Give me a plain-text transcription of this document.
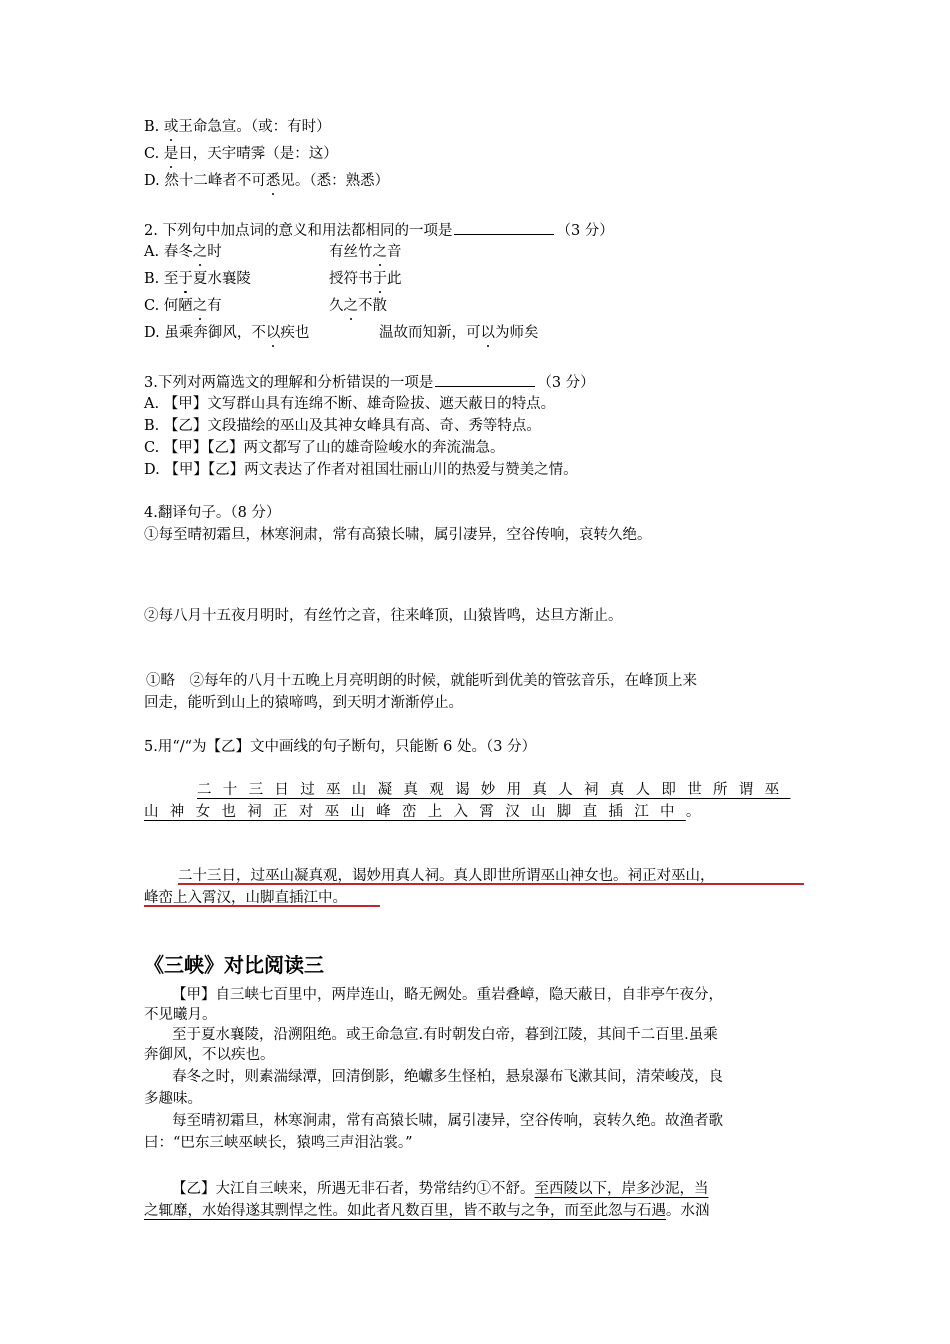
B. 或王命急宣。（或：有时）
C. 是日，天宇晴霁（是：这）
D. 然十二峰者不可悉见。（悉：熟悉）
2. 下列句中加点词的意义和用法都相同的一项是	（3 分）
A. 春冬之时	有丝竹之音
B. 至于夏水襄陵	授符书于此
C. 何陋之有	久之不散
D. 虽乘奔御风，不以疾也	温故而知新，可以为师矣
3.下列对两篇选文的理解和分析错误的一项是	（3 分）
A. 【甲】文写群山具有连绵不断、雄奇险拔、遮天蔽日的特点。
B. 【乙】文段描绘的巫山及其神女峰具有高、奇、秀等特点。
C. 【甲】【乙】两文都写了山的雄奇险峻水的奔流湍急。
D. 【甲】【乙】两文表达了作者对祖国壮丽山川的热爱与赞美之情。
4.翻译句子。（8 分）
①每至晴初霜旦，林寒涧肃，常有高猿长啸，属引凄异，空谷传响，哀转久绝。
②每八月十五夜月明时，有丝竹之音，往来峰顶，山猿皆鸣，达旦方渐止。
①略　②每年的八月十五晚上月亮明朗的时候，就能听到优美的管弦音乐，在峰顶上来
回走，能听到山上的猿啼鸣，到天明才渐渐停止。
5.用“/“为【乙】文中画线的句子断句，只能断 6 处。（3 分）
二十三日过巫山凝真观谒妙用真人祠真人即世所谓巫
山神女也祠正对巫山峰峦上入霄汉山脚直插江中。
二十三日，过巫山凝真观，谒妙用真人祠。真人即世所谓巫山神女也。祠正对巫山，
峰峦上入霄汉，山脚直插江中。
《三峡》对比阅读三
【甲】自三峡七百里中，两岸连山，略无阙处。重岩叠嶂，隐天蔽日，自非亭午夜分，
不见曦月。
至于夏水襄陵，沿溯阻绝。或王命急宣.有时朝发白帝，暮到江陵，其间千二百里.虽乘
奔御风，不以疾也。
春冬之时，则素湍绿潭，回清倒影，绝巘多生怪柏，悬泉瀑布飞漱其间，清荣峻茂，良
多趣味。
每至晴初霜旦，林寒涧肃，常有高猿长啸，属引凄异，空谷传响，哀转久绝。故渔者歌
曰：“巴东三峡巫峡长，猿鸣三声泪沾裳。”
【乙】大江自三峡来，所遇无非石者，势常结约①不舒。至西陵以下，岸多沙泥，当
之辄靡，水始得遂其剽悍之性。如此者凡数百里，皆不敢与之争，而至此忽与石遇。水汹
